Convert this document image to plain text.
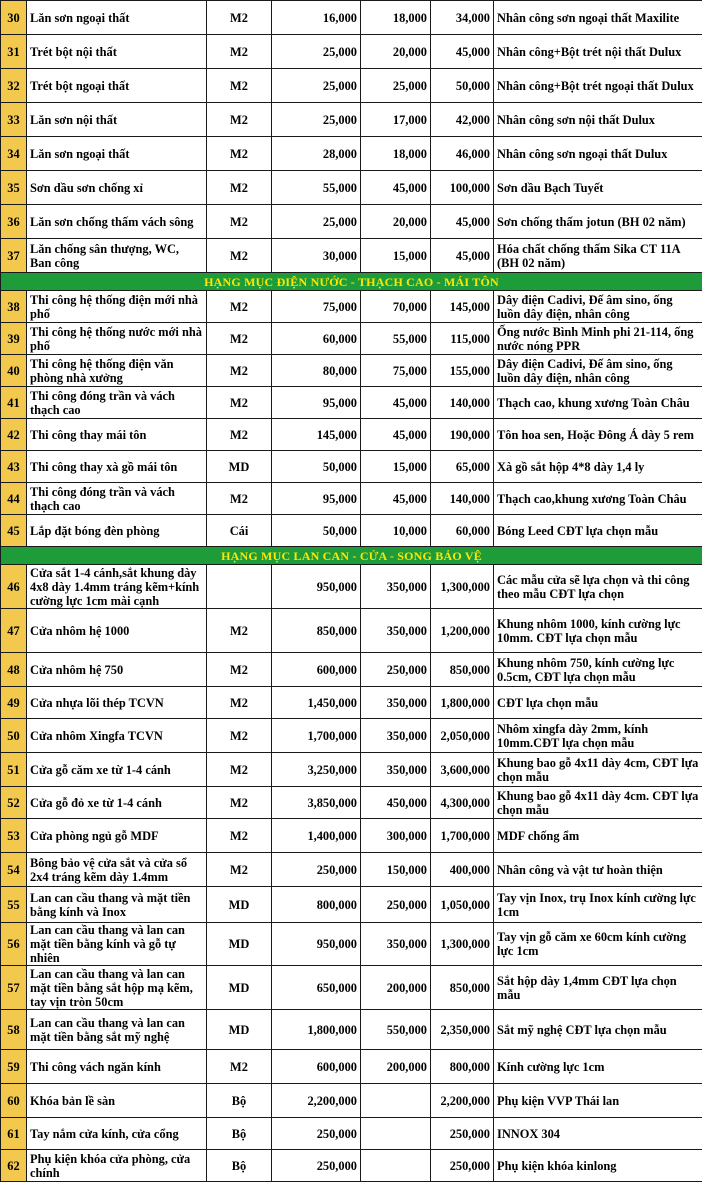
30	Lăn sơn ngoại thất	M2	16,000	18,000	34,000	Nhân công sơn ngoại thất Maxilite
31	Trét bột nội thất	M2	25,000	20,000	45,000	Nhân công+Bột trét nội thất Dulux
32	Trét bột ngoại thất	M2	25,000	25,000	50,000	Nhân công+Bột trét ngoại thất Dulux
33	Lăn sơn nội thất	M2	25,000	17,000	42,000	Nhân công sơn nội thất Dulux
34	Lăn sơn ngoại thất	M2	28,000	18,000	46,000	Nhân công sơn ngoại thất Dulux
35	Sơn dầu sơn chống xỉ	M2	55,000	45,000	100,000	Sơn dầu Bạch Tuyết
36	Lăn sơn chống thấm vách sông	M2	25,000	20,000	45,000	Sơn chống thấm jotun (BH 02 năm)
37	Lăn chống sân thượng, WC, Ban công	M2	30,000	15,000	45,000	Hóa chất chống thấm Sika CT 11A (BH 02 năm)
HẠNG MỤC ĐIỆN NƯỚC - THẠCH CAO - MÁI TÔN						
38	Thi công hệ thống điện mới nhà phố	M2	75,000	70,000	145,000	Dây điện Cadivi, Đế âm sino, ống luồn dây điện, nhân công
39	Thi công hệ thống nước mới nhà phố	M2	60,000	55,000	115,000	Ống nước Bình Minh phi 21-114, ống nước nóng PPR
40	Thi công hệ thống điện văn phòng nhà xưởng	M2	80,000	75,000	155,000	Dây điện Cadivi, Đế âm sino, ống luồn dây điện, nhân công
41	Thi công đóng trần và vách thạch cao	M2	95,000	45,000	140,000	Thạch cao, khung xương Toàn Châu
42	Thi công thay mái tôn	M2	145,000	45,000	190,000	Tôn hoa sen, Hoặc Đông Á dày 5 rem
43	Thi công thay xà gồ mái tôn	MD	50,000	15,000	65,000	Xà gồ sắt hộp 4*8 dày 1,4 ly
44	Thi công đóng trần và vách thạch cao	M2	95,000	45,000	140,000	Thạch cao,khung xương Toàn Châu
45	Lắp đặt bóng đèn phòng	Cái	50,000	10,000	60,000	Bóng Leed CĐT lựa chọn mẫu
HẠNG MỤC LAN CAN - CỬA - SONG BẢO VỆ						
46	Cửa sắt 1-4 cánh,sắt khung dày 4x8 dày 1.4mm tráng kẽm+kính cường lực 1cm mài cạnh		950,000	350,000	1,300,000	Các mẫu cửa sẽ lựa chọn và thi công theo mẫu CĐT lựa chọn
47	Cửa nhôm hệ 1000	M2	850,000	350,000	1,200,000	Khung nhôm 1000, kính cường lực 10mm. CĐT lựa chọn mẫu
48	Cửa nhôm hệ 750	M2	600,000	250,000	850,000	Khung nhôm 750, kính cường lực 0.5cm, CĐT lựa chọn mẫu
49	Cửa nhựa lõi thép TCVN	M2	1,450,000	350,000	1,800,000	CĐT lựa chọn mẫu
50	Cửa nhôm Xingfa TCVN	M2	1,700,000	350,000	2,050,000	Nhôm xingfa dày 2mm, kính 10mm.CĐT lựa chọn mẫu
51	Cửa gỗ căm xe từ 1-4 cánh	M2	3,250,000	350,000	3,600,000	Khung bao gỗ 4x11 dày 4cm, CĐT lựa chọn mẫu
52	Cửa gỗ đỏ xe từ 1-4 cánh	M2	3,850,000	450,000	4,300,000	Khung bao gỗ 4x11 dày 4cm. CĐT lựa chọn mẫu
53	Cửa phòng ngủ gỗ MDF	M2	1,400,000	300,000	1,700,000	MDF chống ẩm
54	Bông bảo vệ cửa sắt và cửa sổ 2x4 tráng kẽm dày 1.4mm	M2	250,000	150,000	400,000	Nhân công và vật tư hoàn thiện
55	Lan can cầu thang và mặt tiền bằng kính và Inox	MD	800,000	250,000	1,050,000	Tay vịn Inox, trụ Inox kính cường lực 1cm
56	Lan can cầu thang và lan can mặt tiền bằng kính và gỗ tự nhiên	MD	950,000	350,000	1,300,000	Tay vịn gỗ căm xe 60cm kính cường lực 1cm
57	Lan can cầu thang và lan can mặt tiền bằng sắt hộp mạ kẽm, tay vịn tròn 50cm	MD	650,000	200,000	850,000	Sắt hộp dày 1,4mm CĐT lựa chọn mẫu
58	Lan can cầu thang và lan can mặt tiền bằng sắt mỹ nghệ	MD	1,800,000	550,000	2,350,000	Sắt mỹ nghệ CĐT lựa chọn mẫu
59	Thi công vách ngăn kính	M2	600,000	200,000	800,000	Kính cường lực 1cm
60	Khóa bản lề sàn	Bộ	2,200,000		2,200,000	Phụ kiện VVP Thái lan
61	Tay nắm cửa kính, cửa cổng	Bộ	250,000		250,000	INNOX 304
62	Phụ kiện khóa cửa phòng, cửa chính	Bộ	250,000		250,000	Phụ kiện khóa kinlong
